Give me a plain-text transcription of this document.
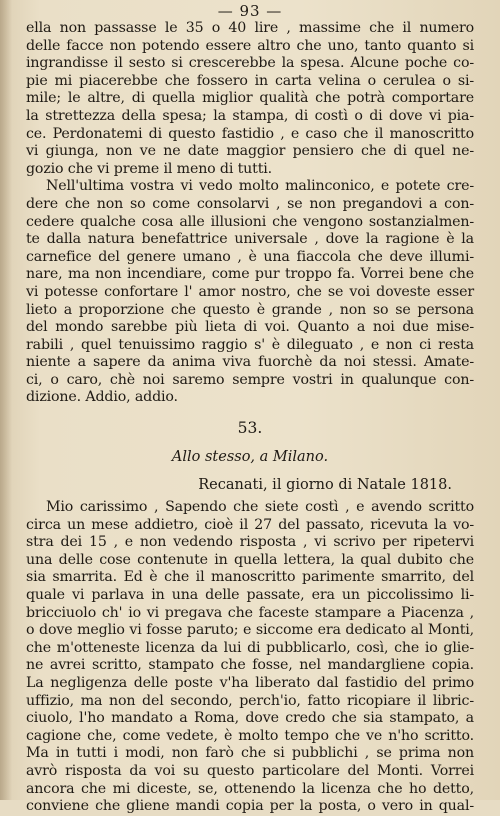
— 93 —
ella non passasse le 35 o 40 lire , massime che il numero
delle facce non potendo essere altro che uno, tanto quanto si
ingrandisse il sesto si crescerebbe la spesa. Alcune poche co-
pie mi piacerebbe che fossero in carta velina o cerulea o si-
mile; le altre, di quella miglior qualità che potrà comportare
la strettezza della spesa; la stampa, di costì o di dove vi pia-
ce. Perdonatemi di questo fastidio , e caso che il manoscritto
vi giunga, non ve ne date maggior pensiero che di quel ne-
gozio che vi preme il meno di tutti.
Nell'ultima vostra vi vedo molto malinconico, e potete cre-
dere che non so come consolarvi , se non pregandovi a con-
cedere qualche cosa alle illusioni che vengono sostanzialmen-
te dalla natura benefattrice universale , dove la ragione è la
carnefice del genere umano , è una fiaccola che deve illumi-
nare, ma non incendiare, come pur troppo fa. Vorrei bene che
vi potesse confortare l' amor nostro, che se voi doveste esser
lieto a proporzione che questo è grande , non so se persona
del mondo sarebbe più lieta di voi. Quanto a noi due mise-
rabili , quel tenuissimo raggio s' è dileguato , e non ci resta
niente a sapere da anima viva fuorchè da noi stessi. Amate-
ci, o caro, chè noi saremo sempre vostri in qualunque con-
dizione. Addio, addio.
53.
Allo stesso, a Milano.
Recanati, il giorno di Natale 1818.
Mio carissimo , Sapendo che siete costì , e avendo scritto
circa un mese addietro, cioè il 27 del passato, ricevuta la vo-
stra dei 15 , e non vedendo risposta , vi scrivo per ripetervi
una delle cose contenute in quella lettera, la qual dubito che
sia smarrita. Ed è che il manoscritto parimente smarrito, del
quale vi parlava in una delle passate, era un piccolissimo li-
bricciuolo ch' io vi pregava che faceste stampare a Piacenza ,
o dove meglio vi fosse paruto; e siccome era dedicato al Monti,
che m'otteneste licenza da lui di pubblicarlo, così, che io glie-
ne avrei scritto, stampato che fosse, nel mandargliene copia.
La negligenza delle poste v'ha liberato dal fastidio del primo
uffizio, ma non del secondo, perch'io, fatto ricopiare il libric-
ciuolo, l'ho mandato a Roma, dove credo che sia stampato, a
cagione che, come vedete, è molto tempo che ve n'ho scritto.
Ma in tutti i modi, non farò che si pubblichi , se prima non
avrò risposta da voi su questo particolare del Monti. Vorrei
ancora che mi diceste, se, ottenendo la licenza che ho detto,
conviene che gliene mandi copia per la posta, o vero in qual-
